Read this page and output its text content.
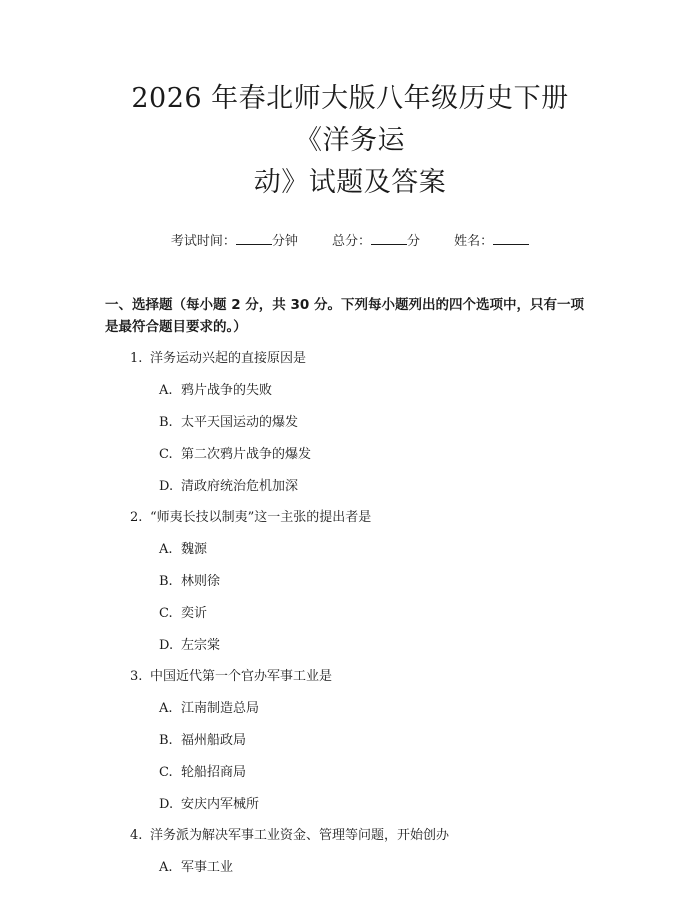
2026 年春北师大版八年级历史下册《洋务运
动》试题及答案
考试时间：	分钟	总分：	分	姓名：
一、选择题（每小题 2 分，共 30 分。下列每小题列出的四个选项中，只有一项是最符合题目要求的。）
1. 洋务运动兴起的直接原因是
A. 鸦片战争的失败
B. 太平天国运动的爆发
C. 第二次鸦片战争的爆发
D. 清政府统治危机加深
2. “师夷长技以制夷”这一主张的提出者是
A. 魏源
B. 林则徐
C. 奕䜣
D. 左宗棠
3. 中国近代第一个官办军事工业是
A. 江南制造总局
B. 福州船政局
C. 轮船招商局
D. 安庆内军械所
4. 洋务派为解决军事工业资金、管理等问题，开始创办
A. 军事工业
